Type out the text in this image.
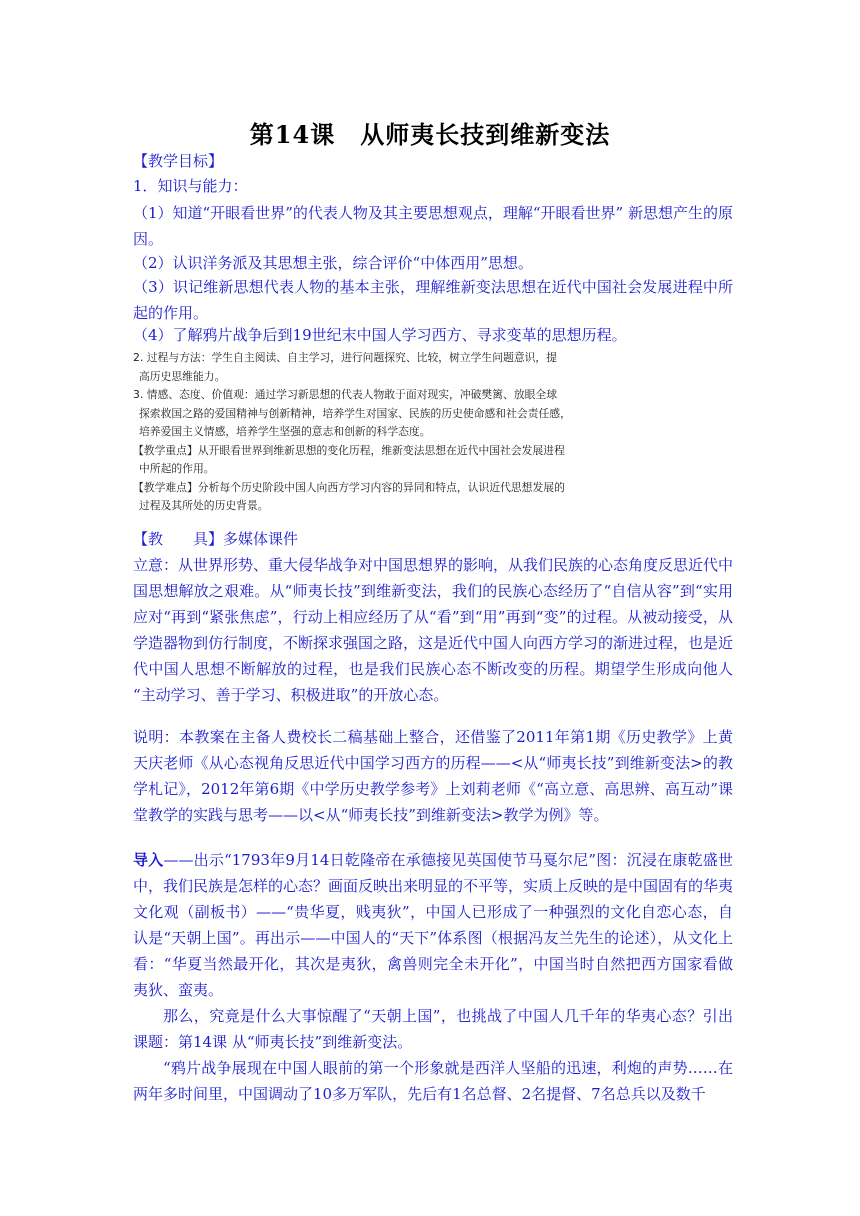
第14课　从师夷长技到维新变法
【教学目标】
1．知识与能力：
（1）知道“开眼看世界”的代表人物及其主要思想观点，理解“开眼看世界” 新思想产生的原因。
（2）认识洋务派及其思想主张，综合评价“中体西用”思想。
（3）识记维新思想代表人物的基本主张，理解维新变法思想在近代中国社会发展进程中所起的作用。
（4）了解鸦片战争后到19世纪末中国人学习西方、寻求变革的思想历程。

2. 过程与方法：学生自主阅读、自主学习，进行问题探究、比较，树立学生问题意识，提

高历史思维能力。

3. 情感、态度、价值观：通过学习新思想的代表人物敢于面对现实，冲破樊篱、放眼全球

探索救国之路的爱国精神与创新精神，培养学生对国家、民族的历史使命感和社会责任感，

培养爱国主义情感，培养学生坚强的意志和创新的科学态度。

【教学重点】从开眼看世界到维新思想的变化历程，维新变法思想在近代中国社会发展进程

中所起的作用。

【教学难点】分析每个历史阶段中国人向西方学习内容的异同和特点，认识近代思想发展的

过程及其所处的历史背景。

【教　　具】多媒体课件
立意：从世界形势、重大侵华战争对中国思想界的影响，从我们民族的心态角度反思近代中国思想解放之艰难。从“师夷长技”到维新变法，我们的民族心态经历了“自信从容”到“实用应对“再到“紧张焦虑”，行动上相应经历了从“看”到“用”再到“变”的过程。从被动接受，从学造器物到仿行制度，不断探求强国之路，这是近代中国人向西方学习的渐进过程，也是近代中国人思想不断解放的过程，也是我们民族心态不断改变的历程。期望学生形成向他人 “主动学习、善于学习、积极进取”的开放心态。
说明：本教案在主备人费校长二稿基础上整合，还借鉴了2011年第1期《历史教学》上黄天庆老师《从心态视角反思近代中国学习西方的历程——<从“师夷长技”到维新变法>的教学札记》，2012年第6期《中学历史教学参考》上刘莉老师《“高立意、高思辨、高互动”课堂教学的实践与思考——以<从“师夷长技”到维新变法>教学为例》等。
导入——出示“1793年9月14日乾隆帝在承德接见英国使节马戛尔尼”图：沉浸在康乾盛世中，我们民族是怎样的心态？画面反映出来明显的不平等，实质上反映的是中国固有的华夷文化观（副板书）——“贵华夏，贱夷狄”，中国人已形成了一种强烈的文化自恋心态，自认是“天朝上国”。再出示——中国人的“天下”体系图（根据冯友兰先生的论述），从文化上看：“华夏当然最开化，其次是夷狄，禽兽则完全未开化”，中国当时自然把西方国家看做夷狄、蛮夷。
那么，究竟是什么大事惊醒了“天朝上国”，也挑战了中国人几千年的华夷心态？引出课题：第14课 从“师夷长技”到维新变法。
“鸦片战争展现在中国人眼前的第一个形象就是西洋人坚船的迅速，利炮的声势……在两年多时间里，中国调动了10多万军队，先后有1名总督、2名提督、7名总兵以及数千
